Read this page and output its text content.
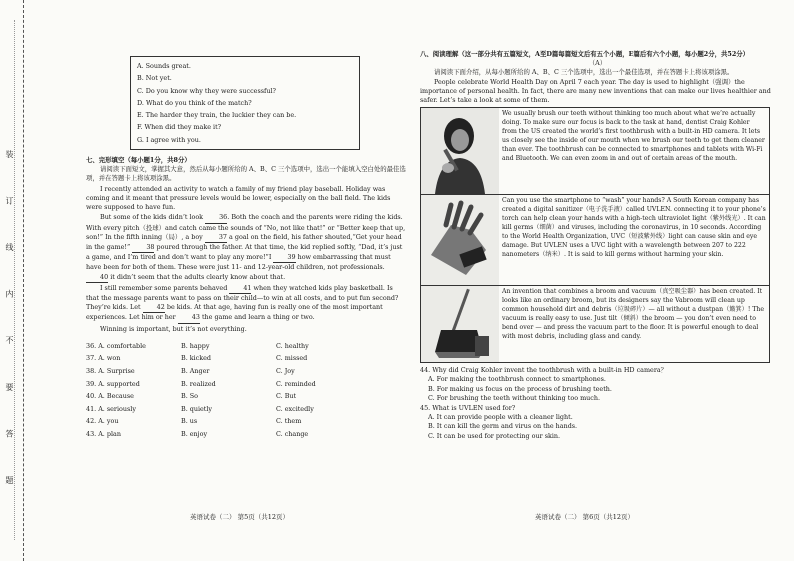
装 订 线 内 不 要 答 题
A. Sounds great.
B. Not yet.
C. Do you know why they were successful?
D. What do you think of the match?
E. The harder they train, the luckier they can be.
F. When did they make it?
G. I agree with you.

七、完形填空（每小题1分，共8分）

请阅读下面短文，掌握其大意，然后从每小题所给的 A、B、C 三个选项中，选出一个能填入空白处的最佳选项，并在答题卡上将该项涂黑。

I recently attended an activity to watch a family of my friend play baseball. Holiday was coming and it meant that pressure levels would be lower, especially on the ball field. The kids were supposed to have fun.

But some of the kids didn’t look	36. Both the coach and the parents were riding the kids. With every pitch（投球）and catch came the sounds of “No, not like that!” or “Better keep that up, son!” In the fifth inning（局）, a boy	37 a goal on the field, his father shouted,“Get your head in the game!”	38 poured through the father. At that time, the kid replied softly, “Dad, it’s just a game, and I’m tired and don’t want to play any more!”I	39 how embarrassing that must have been for both of them. These were just 11- and 12-year-old children, not professionals. 40 it didn’t seem that the adults clearly know about that.

I still remember some parents behaved	41 when they watched kids play basketball. Is that the message parents want to pass on their child—to win at all costs, and to put fun second? They’re kids. Let	42 be kids. At that age, having fun is really one of the most important experiences. Let him or her	43 the game and learn a thing or two.

Winning is important, but it’s not everything.

36. A. comfortable	B. happy	C. healthy
37. A. won	B. kicked	C. missed
38. A. Surprise	B. Anger	C. Joy
39. A. supported	B. realized	C. reminded
40. A. Because	B. So	C. But
41. A. seriously	B. quietly	C. excitedly
42. A. you	B. us	C. them
43. A. plan	B. enjoy	C. change
英语试卷（二） 第5页（共12页）

八、阅读理解（这一部分共有五篇短文，A至D篇每篇短文后有五个小题，E篇后有六个小题，每小题2分，共52分）

（A）

请阅读下面介绍，从每小题所给的 A、B、C 三个选项中，选出一个最佳选项，并在答题卡上将该项涂黑。

People celebrate World Health Day on April 7 each year. The day is used to highlight（强调）the importance of personal health. In fact, there are many new inventions that can make our lives healthier and safer. Let’s take a look at some of them.

We usually brush our teeth without thinking too much about what we’re actually doing. To make sure our focus is back to the task at hand, dentist Craig Kohler from the US created the world’s first toothbrush with a built-in HD camera. It lets us closely see the inside of our mouth when we brush our teeth to get them cleaner than ever. The toothbrush can be connected to smartphones and tablets with Wi-Fi and Bluetooth. We can even zoom in and out of certain areas of the mouth.
Can you use the smartphone to “wash” your hands? A South Korean company has created a digital sanitizer（电子洗手液）called UVLEN. connecting it to your phone’s torch can help clean your hands with a high-tech ultraviolet light（紫外线光）. It can kill germs（细菌）and viruses, including the coronavirus, in 10 seconds. According to the World Health Organization, UVC（短波紫外线）light can cause skin and eye damage. But UVLEN uses a UVC light with a wavelength between 207 to 222 nanometers（纳米）. It is said to kill germs without harming your skin.
An invention that combines a broom and vacuum（真空吸尘器）has been created. It looks like an ordinary broom, but its designers say the Vabroom will clean up common household dirt and debris（垃圾碎片）— all without a dustpan（簸箕）! The vacuum is really easy to use. Just tilt（倾斜）the broom — you don’t even need to bend over — and press the vacuum part to the floor. It is powerful enough to deal with most debris, including glass and candy.

44. Why did Craig Kohler invent the toothbrush with a built-in HD camera？

A. For making the toothbrush connect to smartphones.

B. For making us focus on the process of brushing teeth.

C. For brushing the teeth without thinking too much.

45. What is UVLEN used for?

A. It can provide people with a cleaner light.

B. It can kill the germ and virus on the hands.

C. It can be used for protecting our skin.

英语试卷（二） 第6页（共12页）
